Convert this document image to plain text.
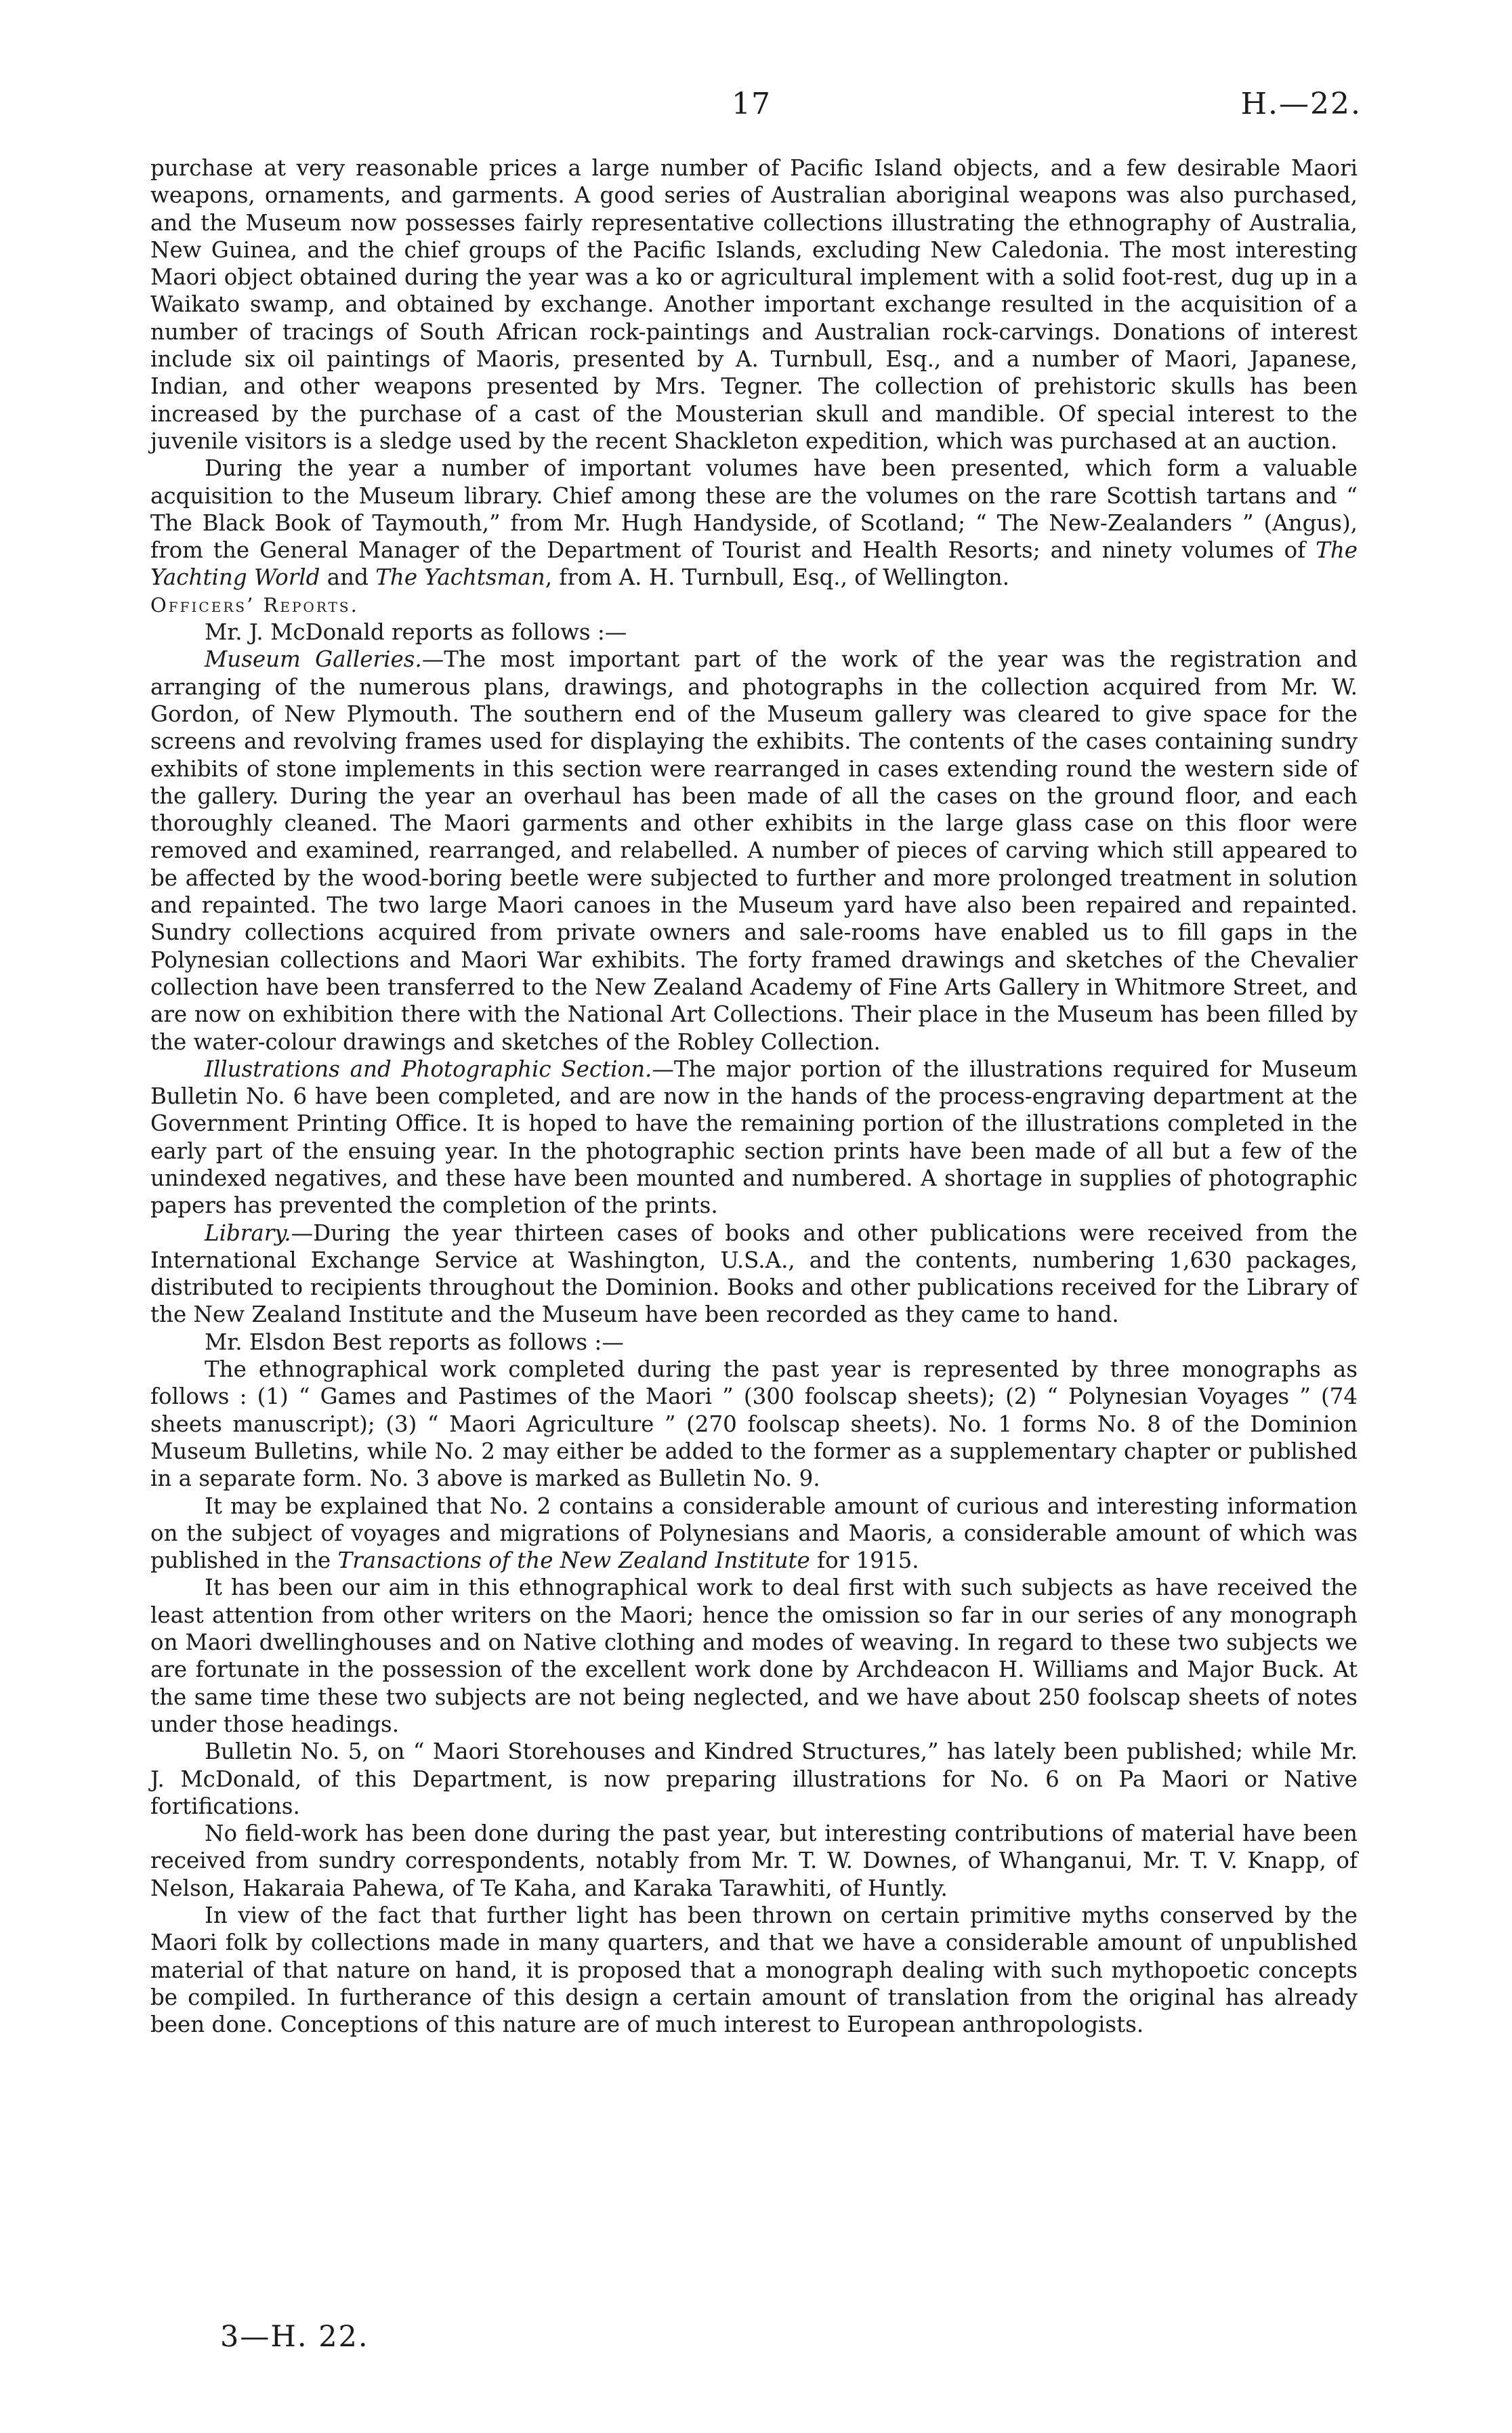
17	H.—22.

purchase at very reasonable prices a large number of Pacific Island objects, and a few desirable Maori weapons, ornaments, and garments. A good series of Australian aboriginal weapons was also purchased, and the Museum now possesses fairly representative collections illustrating the ethnography of Australia, New Guinea, and the chief groups of the Pacific Islands, excluding New Caledonia. The most interesting Maori object obtained during the year was a ko or agricultural implement with a solid foot-rest, dug up in a Waikato swamp, and obtained by exchange. Another important exchange resulted in the acquisition of a number of tracings of South African rock-paintings and Australian rock-carvings. Donations of interest include six oil paintings of Maoris, presented by A. Turnbull, Esq., and a number of Maori, Japanese, Indian, and other weapons presented by Mrs. Tegner. The collection of prehistoric skulls has been increased by the purchase of a cast of the Mousterian skull and mandible. Of special interest to the juvenile visitors is a sledge used by the recent Shackleton expedition, which was purchased at an auction.

During the year a number of important volumes have been presented, which form a valuable acquisition to the Museum library. Chief among these are the volumes on the rare Scottish tartans and “ The Black Book of Taymouth,” from Mr. Hugh Handyside, of Scotland; “ The New-Zealanders ” (Angus), from the General Manager of the Department of Tourist and Health Resorts; and ninety volumes of The Yachting World and The Yachtsman, from A. H. Turnbull, Esq., of Wellington.

Officers’ Reports.

Mr. J. McDonald reports as follows :—

Museum Galleries.—The most important part of the work of the year was the registration and arranging of the numerous plans, drawings, and photographs in the collection acquired from Mr. W. Gordon, of New Plymouth. The southern end of the Museum gallery was cleared to give space for the screens and revolving frames used for displaying the exhibits. The contents of the cases containing sundry exhibits of stone implements in this section were rearranged in cases extending round the western side of the gallery. During the year an overhaul has been made of all the cases on the ground floor, and each thoroughly cleaned. The Maori garments and other exhibits in the large glass case on this floor were removed and examined, rearranged, and relabelled. A number of pieces of carving which still appeared to be affected by the wood-boring beetle were subjected to further and more prolonged treatment in solution and repainted. The two large Maori canoes in the Museum yard have also been repaired and repainted. Sundry collections acquired from private owners and sale-rooms have enabled us to fill gaps in the Polynesian collections and Maori War exhibits. The forty framed drawings and sketches of the Chevalier collection have been transferred to the New Zealand Academy of Fine Arts Gallery in Whitmore Street, and are now on exhibition there with the National Art Collections. Their place in the Museum has been filled by the water-colour drawings and sketches of the Robley Collection.

Illustrations and Photographic Section.—The major portion of the illustrations required for Museum Bulletin No. 6 have been completed, and are now in the hands of the process-engraving department at the Government Printing Office. It is hoped to have the remaining portion of the illustrations completed in the early part of the ensuing year. In the photographic section prints have been made of all but a few of the unindexed negatives, and these have been mounted and numbered. A shortage in supplies of photographic papers has prevented the completion of the prints.

Library.—During the year thirteen cases of books and other publications were received from the International Exchange Service at Washington, U.S.A., and the contents, numbering 1,630 packages, distributed to recipients throughout the Dominion. Books and other publications received for the Library of the New Zealand Institute and the Museum have been recorded as they came to hand.

Mr. Elsdon Best reports as follows :—

The ethnographical work completed during the past year is represented by three monographs as follows : (1) “ Games and Pastimes of the Maori ” (300 foolscap sheets); (2) “ Polynesian Voyages ” (74 sheets manuscript); (3) “ Maori Agriculture ” (270 foolscap sheets). No. 1 forms No. 8 of the Dominion Museum Bulletins, while No. 2 may either be added to the former as a supplementary chapter or published in a separate form. No. 3 above is marked as Bulletin No. 9.

It may be explained that No. 2 contains a considerable amount of curious and interesting information on the subject of voyages and migrations of Polynesians and Maoris, a considerable amount of which was published in the Transactions of the New Zealand Institute for 1915.

It has been our aim in this ethnographical work to deal first with such subjects as have received the least attention from other writers on the Maori; hence the omission so far in our series of any monograph on Maori dwellinghouses and on Native clothing and modes of weaving. In regard to these two subjects we are fortunate in the possession of the excellent work done by Archdeacon H. Williams and Major Buck. At the same time these two subjects are not being neglected, and we have about 250 foolscap sheets of notes under those headings.

Bulletin No. 5, on “ Maori Storehouses and Kindred Structures,” has lately been published; while Mr. J. McDonald, of this Department, is now preparing illustrations for No. 6 on Pa Maori or Native fortifications.

No field-work has been done during the past year, but interesting contributions of material have been received from sundry correspondents, notably from Mr. T. W. Downes, of Whanganui, Mr. T. V. Knapp, of Nelson, Hakaraia Pahewa, of Te Kaha, and Karaka Tarawhiti, of Huntly.

In view of the fact that further light has been thrown on certain primitive myths conserved by the Maori folk by collections made in many quarters, and that we have a considerable amount of unpublished material of that nature on hand, it is proposed that a monograph dealing with such mythopoetic concepts be compiled. In furtherance of this design a certain amount of translation from the original has already been done. Conceptions of this nature are of much interest to European anthropologists.

3—H. 22.
